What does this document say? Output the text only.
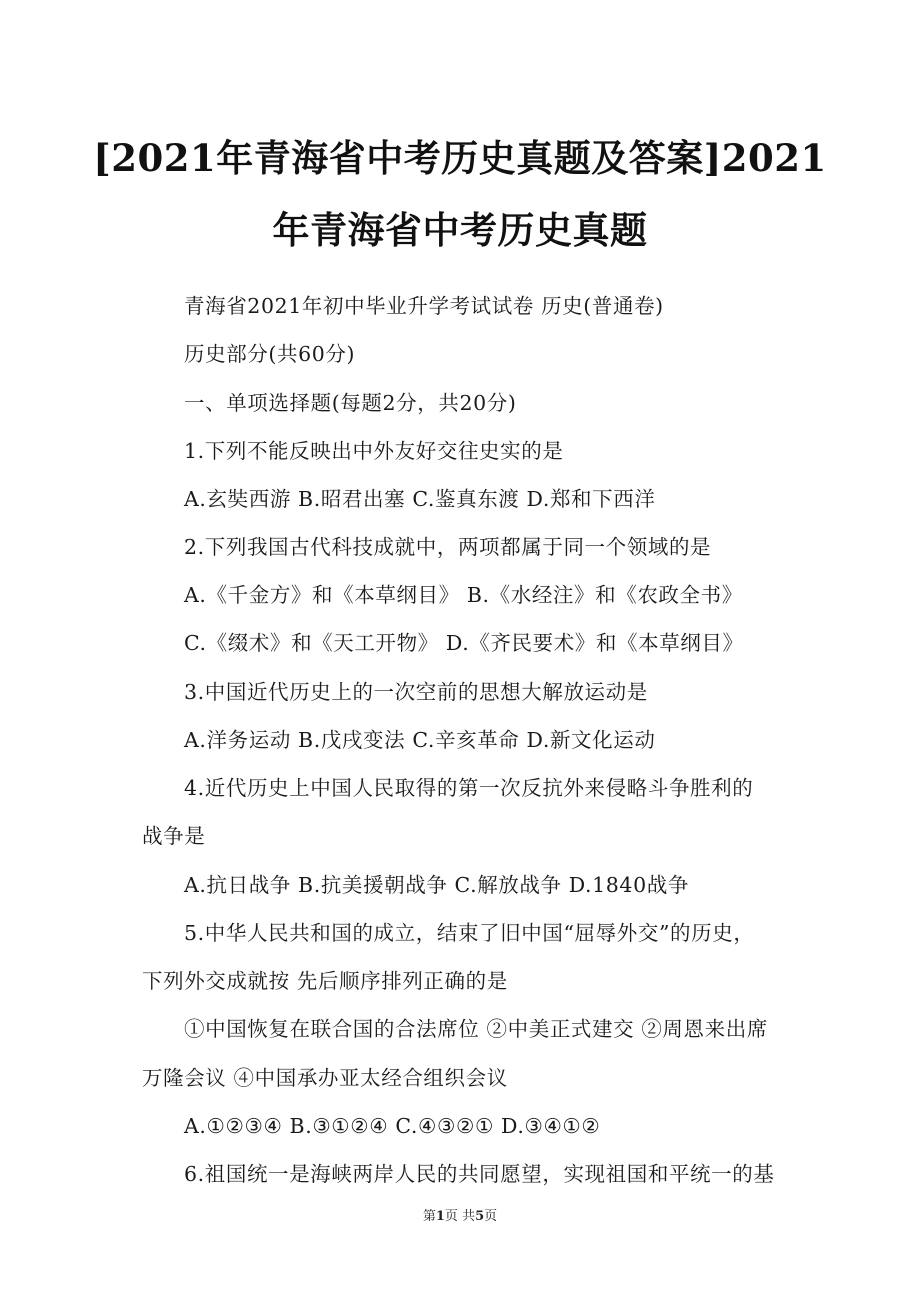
[2021年青海省中考历史真题及答案]2021
年青海省中考历史真题
青海省2021年初中毕业升学考试试卷 历史(普通卷)
历史部分(共60分)
一、单项选择题(每题2分，共20分)
1.下列不能反映出中外友好交往史实的是
A.玄奘西游 B.昭君出塞 C.鉴真东渡 D.郑和下西洋
2.下列我国古代科技成就中，两项都属于同一个领域的是
A.《千金方》和《本草纲目》 B.《水经注》和《农政全书》
C.《缀术》和《天工开物》 D.《齐民要术》和《本草纲目》
3.中国近代历史上的一次空前的思想大解放运动是
A.洋务运动 B.戊戌变法 C.辛亥革命 D.新文化运动
4.近代历史上中国人民取得的第一次反抗外来侵略斗争胜利的
战争是
A.抗日战争 B.抗美援朝战争 C.解放战争 D.1840战争
5.中华人民共和国的成立，结束了旧中国“屈辱外交”的历史，
下列外交成就按 先后顺序排列正确的是
①中国恢复在联合国的合法席位 ②中美正式建交 ②周恩来出席
万隆会议 ④中国承办亚太经合组织会议
A.①②③④ B.③①②④ C.④③②① D.③④①②
6.祖国统一是海峡两岸人民的共同愿望，实现祖国和平统一的基
第1页 共5页
